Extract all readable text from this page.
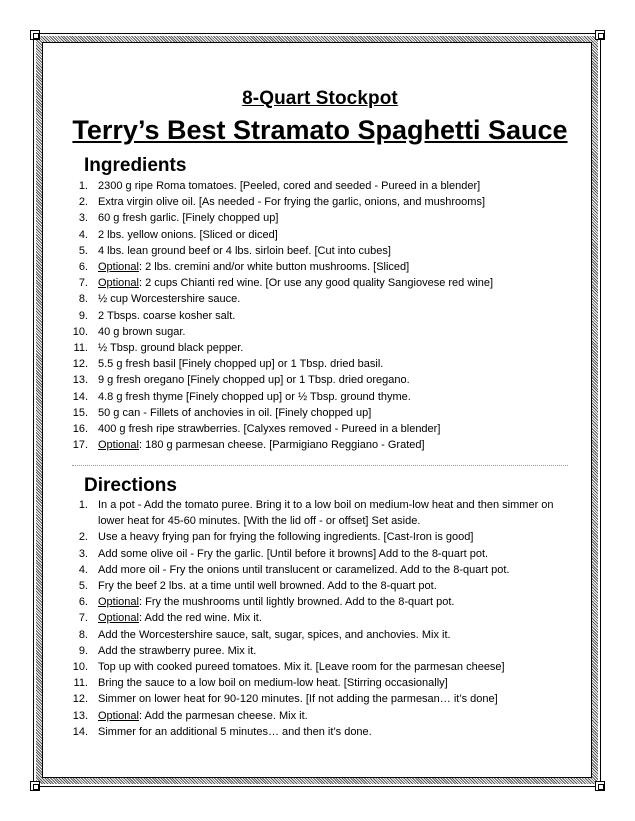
8-Quart Stockpot
Terry’s Best Stramato Spaghetti Sauce
Ingredients
1. 2300 g ripe Roma tomatoes. [Peeled, cored and seeded - Pureed in a blender]
2. Extra virgin olive oil. [As needed - For frying the garlic, onions, and mushrooms]
3. 60 g fresh garlic. [Finely chopped up]
4. 2 lbs. yellow onions. [Sliced or diced]
5. 4 lbs. lean ground beef or 4 lbs. sirloin beef. [Cut into cubes]
6. Optional: 2 lbs. cremini and/or white button mushrooms. [Sliced]
7. Optional: 2 cups Chianti red wine. [Or use any good quality Sangiovese red wine]
8. ½ cup Worcestershire sauce.
9. 2 Tbsps. coarse kosher salt.
10. 40 g brown sugar.
11. ½ Tbsp. ground black pepper.
12. 5.5 g fresh basil [Finely chopped up] or 1 Tbsp. dried basil.
13. 9 g fresh oregano [Finely chopped up] or 1 Tbsp. dried oregano.
14. 4.8 g fresh thyme [Finely chopped up] or ½ Tbsp. ground thyme.
15. 50 g can - Fillets of anchovies in oil. [Finely chopped up]
16. 400 g fresh ripe strawberries. [Calyxes removed - Pureed in a blender]
17. Optional: 180 g parmesan cheese. [Parmigiano Reggiano - Grated]
Directions
1. In a pot - Add the tomato puree. Bring it to a low boil on medium-low heat and then simmer on lower heat for 45-60 minutes. [With the lid off - or offset] Set aside.
2. Use a heavy frying pan for frying the following ingredients. [Cast-Iron is good]
3. Add some olive oil - Fry the garlic. [Until before it browns] Add to the 8-quart pot.
4. Add more oil - Fry the onions until translucent or caramelized. Add to the 8-quart pot.
5. Fry the beef 2 lbs. at a time until well browned. Add to the 8-quart pot.
6. Optional: Fry the mushrooms until lightly browned. Add to the 8-quart pot.
7. Optional: Add the red wine. Mix it.
8. Add the Worcestershire sauce, salt, sugar, spices, and anchovies. Mix it.
9. Add the strawberry puree. Mix it.
10. Top up with cooked pureed tomatoes. Mix it. [Leave room for the parmesan cheese]
11. Bring the sauce to a low boil on medium-low heat. [Stirring occasionally]
12. Simmer on lower heat for 90-120 minutes. [If not adding the parmesan… it’s done]
13. Optional: Add the parmesan cheese. Mix it.
14. Simmer for an additional 5 minutes… and then it’s done.
